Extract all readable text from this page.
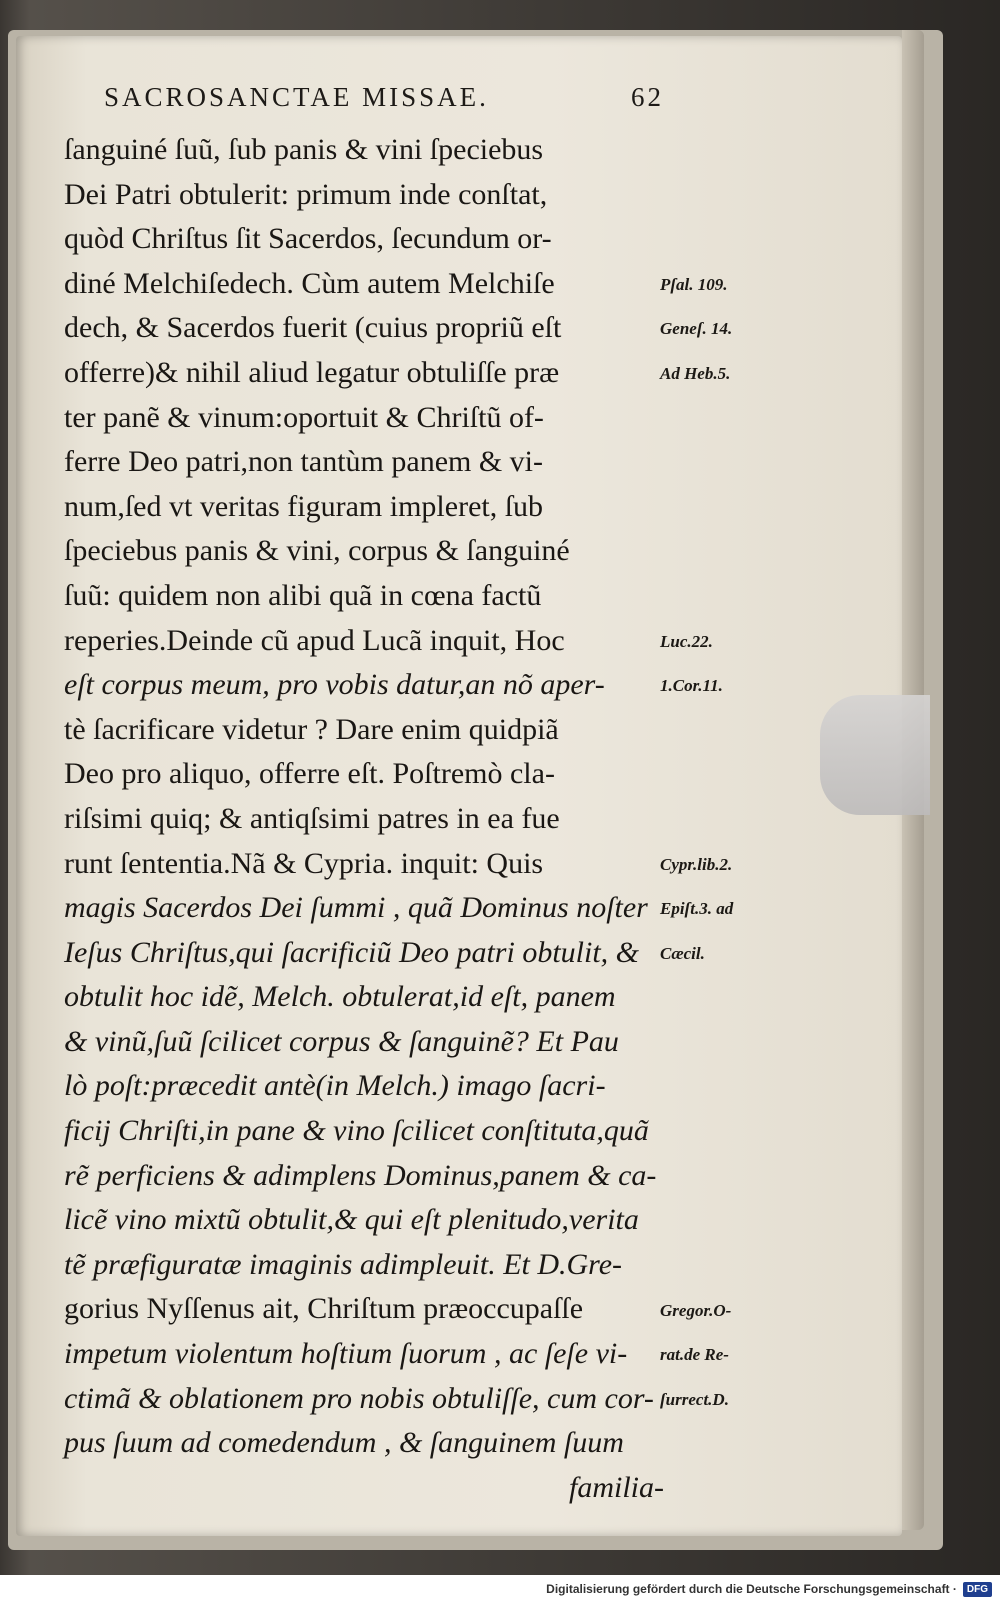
SACROSANCTAE MISSAE.	62
ſanguiné ſuũ, ſub panis & vini ſpeciebus
Dei Patri obtulerit: primum inde conſtat,
quòd Chriſtus ſit Sacerdos, ſecundum or-
diné Melchiſedech. Cùm autem Melchiſe
dech, & Sacerdos fuerit (cuius propriũ eſt
offerre)& nihil aliud legatur obtuliſſe præ
ter panẽ & vinum:oportuit & Chriſtũ of-
ferre Deo patri,non tantùm panem & vi-
num,ſed vt veritas figuram impleret, ſub
ſpeciebus panis & vini, corpus & ſanguiné
ſuũ: quidem non alibi quã in cœna factũ
reperies.Deinde cũ apud Lucã inquit, Hoc
eſt corpus meum, pro vobis datur,an nõ aper-
tè ſacrificare videtur ? Dare enim quidpiã
Deo pro aliquo, offerre eſt. Poſtremò cla-
riſsimi quiq; & antiqſsimi patres in ea fue
runt ſententia.Nã & Cypria. inquit: Quis
magis Sacerdos Dei ſummi , quã Dominus noſter
Ieſus Chriſtus,qui ſacrificiũ Deo patri obtulit, &
obtulit hoc idẽ, Melch. obtulerat,id eſt, panem
& vinũ,ſuũ ſcilicet corpus & ſanguinẽ? Et Pau
lò poſt:præcedit antè(in Melch.) imago ſacri-
ficij Chriſti,in pane & vino ſcilicet conſtituta,quã
rẽ perficiens & adimplens Dominus,panem & ca-
licẽ vino mixtũ obtulit,& qui eſt plenitudo,verita
tẽ præfiguratæ imaginis adimpleuit. Et D.Gre-
gorius Nyſſenus ait, Chriſtum præoccupaſſe
impetum violentum hoſtium ſuorum , ac ſeſe vi-
ctimã & oblationem pro nobis obtuliſſe, cum cor-
pus ſuum ad comedendum , & ſanguinem ſuum
familia-
Pſal. 109.
Geneſ. 14.
Ad Heb.5.
Luc.22.
1.Cor.11.
Cypr.lib.2.
Epiſt.3. ad
Cæcil.
Gregor.O-
rat.de Re-
ſurrect.D.
Digitalisierung gefördert durch die Deutsche Forschungsgemeinschaft ·	DFG
